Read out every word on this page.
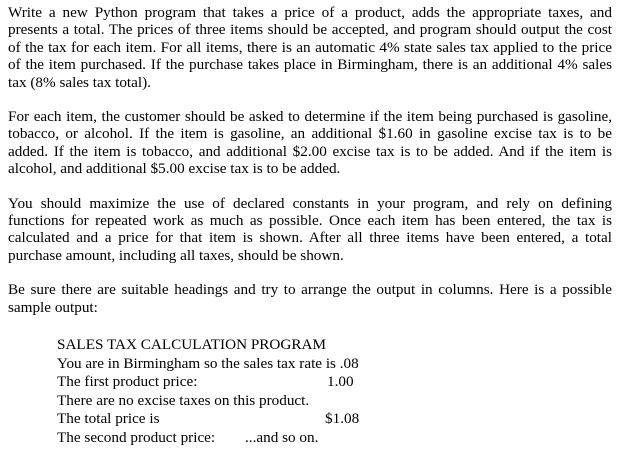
Write a new Python program that takes a price of a product, adds the appropriate taxes, and presents a total. The prices of three items should be accepted, and program should output the cost of the tax for each item. For all items, there is an automatic 4% state sales tax applied to the price of the item purchased. If the purchase takes place in Birmingham, there is an additional 4% sales tax (8% sales tax total).

For each item, the customer should be asked to determine if the item being purchased is gasoline, tobacco, or alcohol. If the item is gasoline, an additional $1.60 in gasoline excise tax is to be added. If the item is tobacco, and additional $2.00 excise tax is to be added. And if the item is alcohol, and additional $5.00 excise tax is to be added.

You should maximize the use of declared constants in your program, and rely on defining functions for repeated work as much as possible. Once each item has been entered, the tax is calculated and a price for that item is shown. After all three items have been entered, a total purchase amount, including all taxes, should be shown.

Be sure there are suitable headings and try to arrange the output in columns. Here is a possible sample output:

SALES TAX CALCULATION PROGRAM
You are in Birmingham so the sales tax rate is .08
The first product price:	1.00
There are no excise taxes on this product.
The total price is	$1.08
The second product price: ...and so on.
